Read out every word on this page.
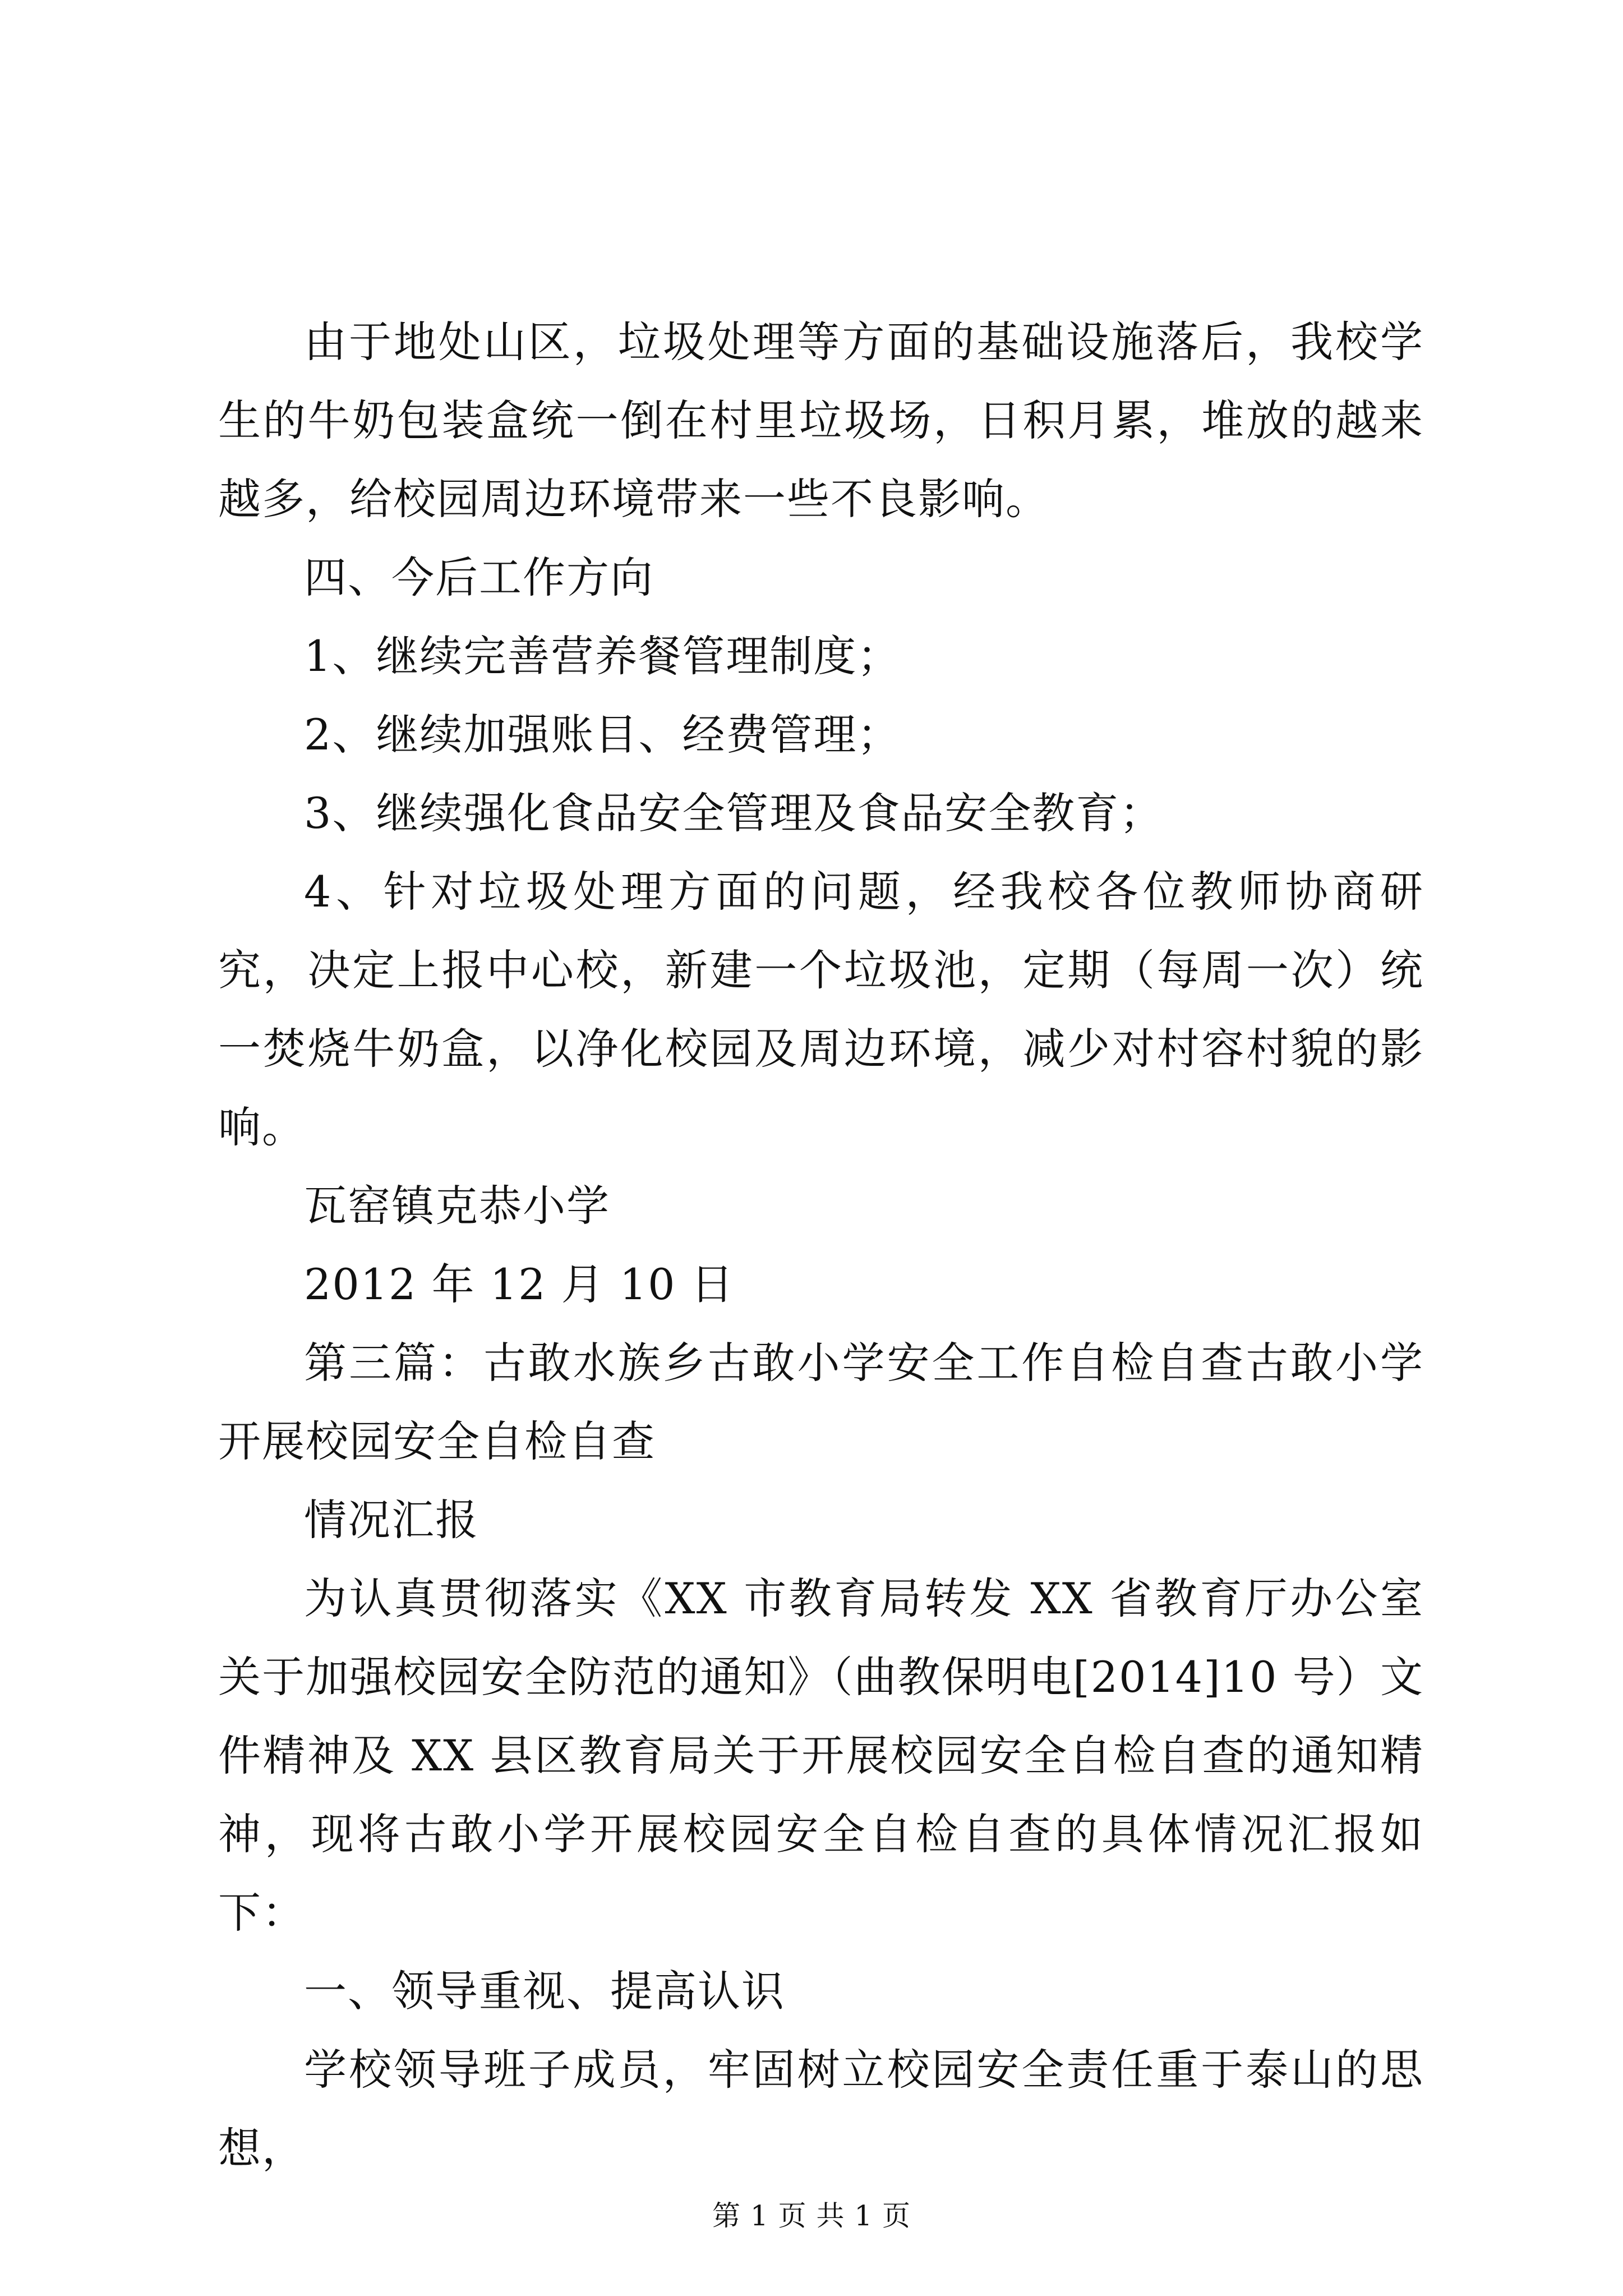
由于地处山区，垃圾处理等方面的基础设施落后，我校学生的牛奶包装盒统一倒在村里垃圾场，日积月累，堆放的越来越多，给校园周边环境带来一些不良影响。

四、今后工作方向

1、继续完善营养餐管理制度；

2、继续加强账目、经费管理；

3、继续强化食品安全管理及食品安全教育；

4、针对垃圾处理方面的问题，经我校各位教师协商研究，决定上报中心校，新建一个垃圾池，定期（每周一次）统一焚烧牛奶盒，以净化校园及周边环境，减少对村容村貌的影响。

瓦窑镇克恭小学

2012 年 12 月 10 日

第三篇：古敢水族乡古敢小学安全工作自检自查古敢小学开展校园安全自检自查

情况汇报

为认真贯彻落实《XX 市教育局转发 XX 省教育厅办公室关于加强校园安全防范的通知》（曲教保明电[2014]10 号）文件精神及 XX 县区教育局关于开展校园安全自检自查的通知精神，现将古敢小学开展校园安全自检自查的具体情况汇报如下：

一、领导重视、提高认识

学校领导班子成员，牢固树立校园安全责任重于泰山的思想，

第 1 页 共 1 页
